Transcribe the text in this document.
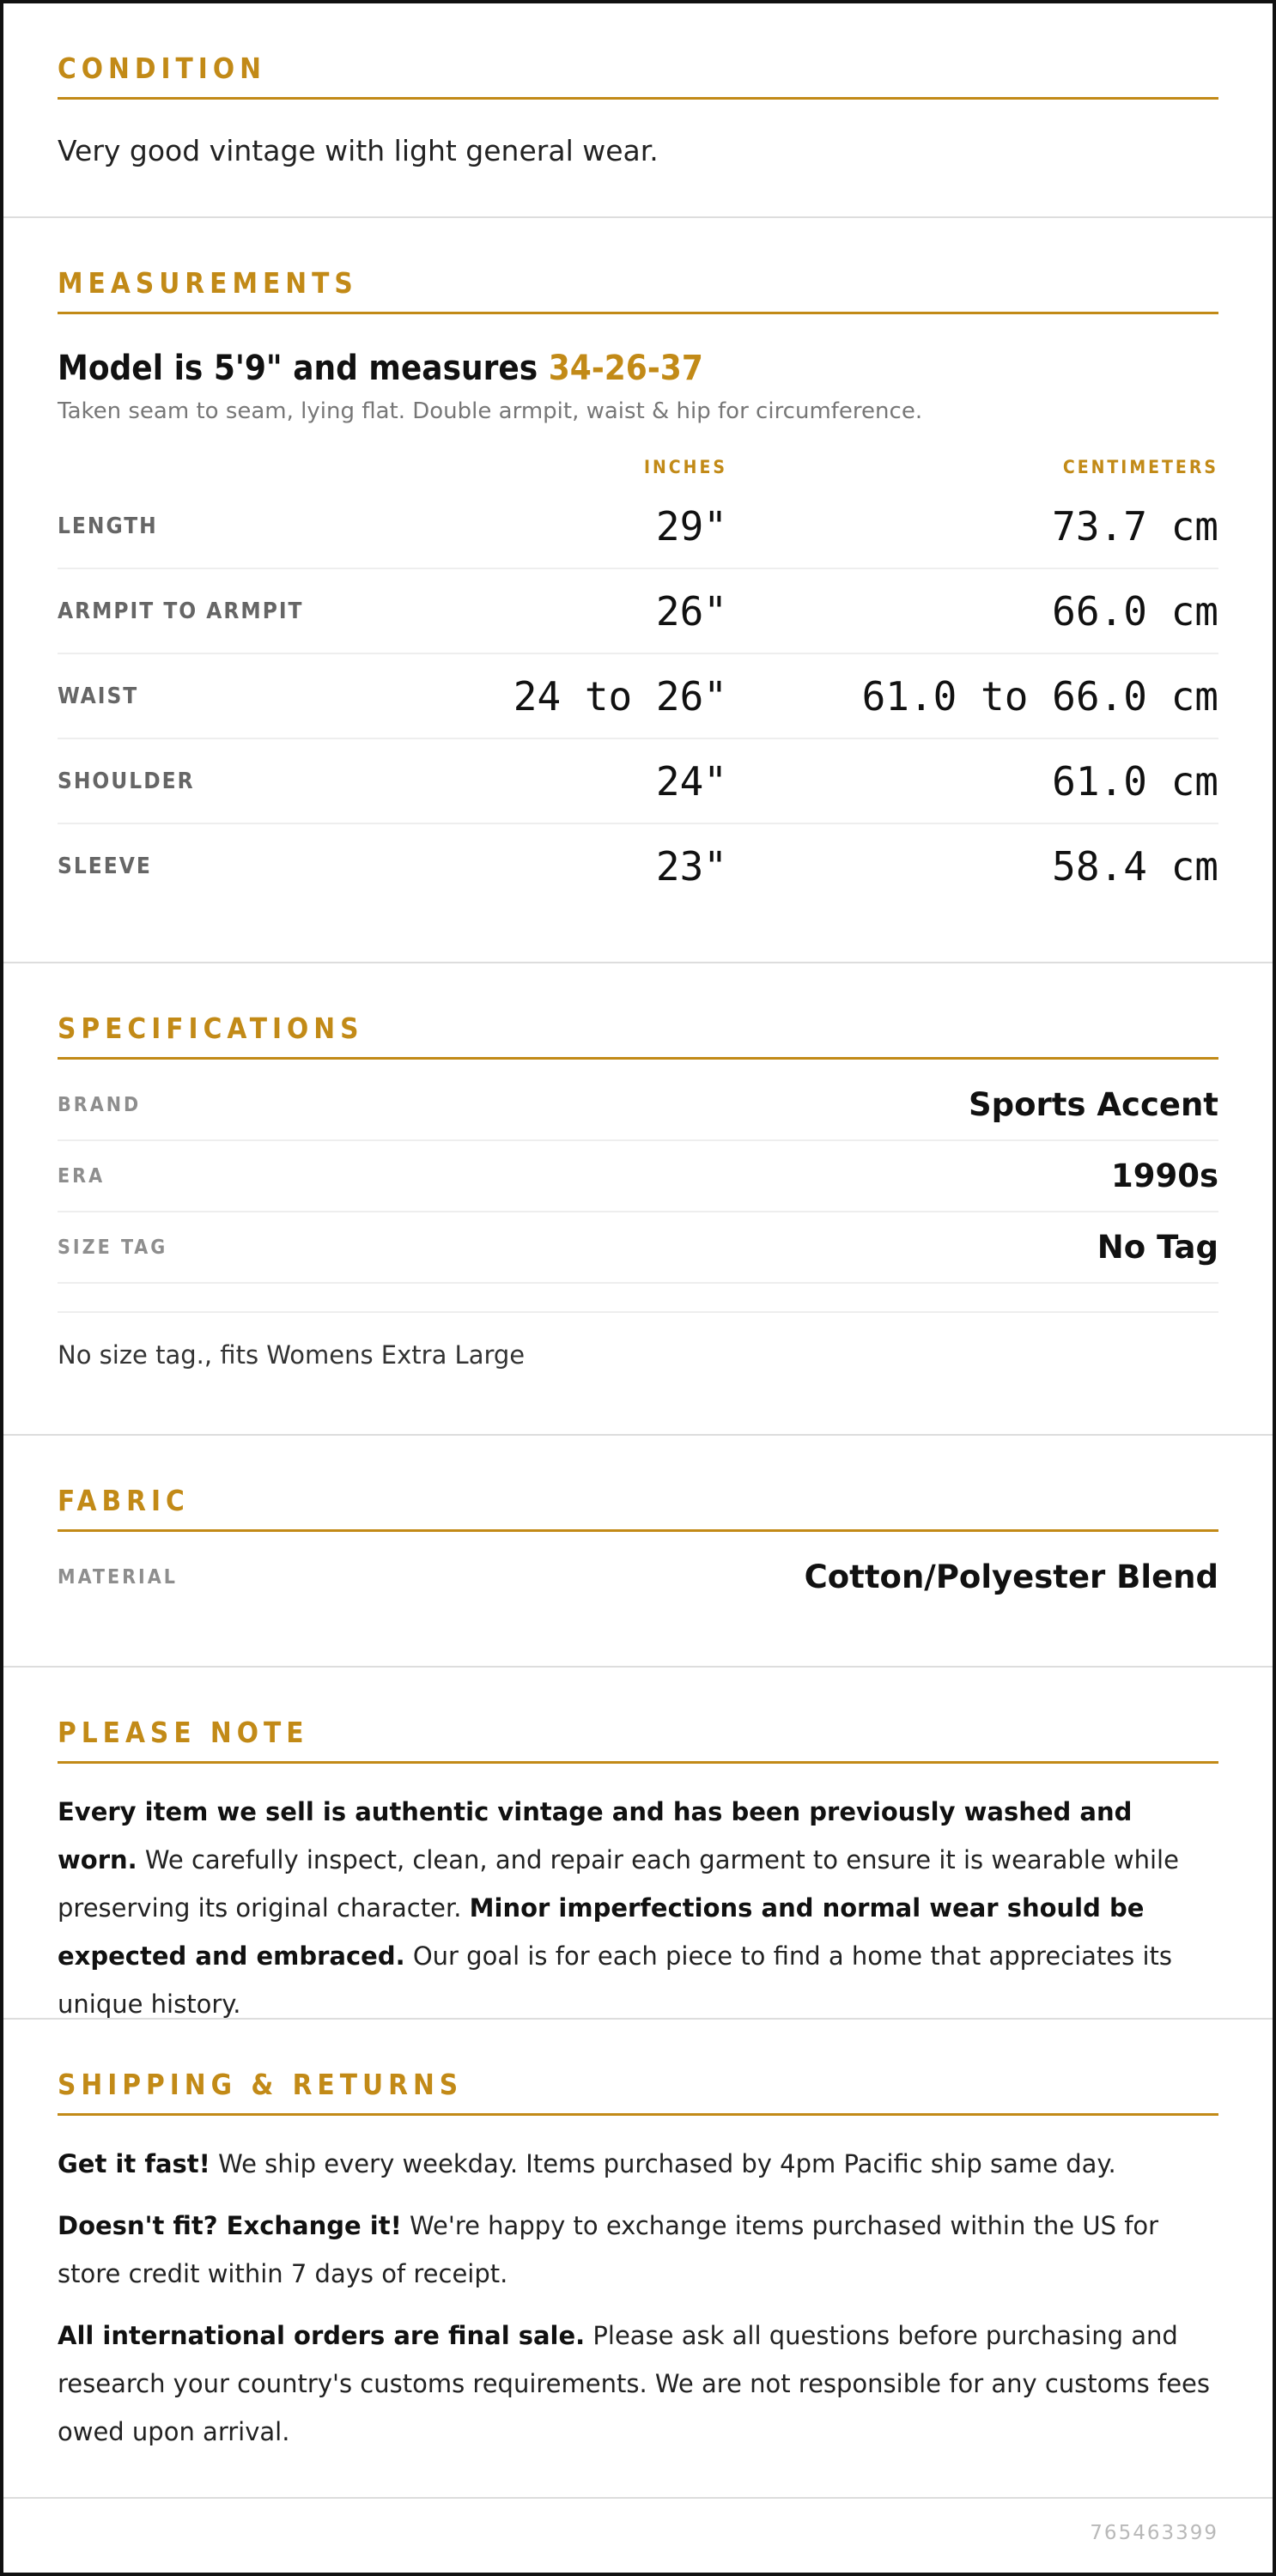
CONDITION

Very good vintage with light general wear.

MEASUREMENTS

Model is 5'9" and measures 34-26-37

Taken seam to seam, lying flat. Double armpit, waist & hip for circumference.

INCHES	CENTIMETERS
LENGTH	29"	73.7 cm
ARMPIT TO ARMPIT	26"	66.0 cm
WAIST	24 to 26"	61.0 to 66.0 cm
SHOULDER	24"	61.0 cm
SLEEVE	23"	58.4 cm
SPECIFICATIONS
BRAND	Sports Accent
ERA	1990s
SIZE TAG	No Tag

No size tag., fits Womens Extra Large

FABRIC
MATERIAL	Cotton/Polyester Blend
PLEASE NOTE

Every item we sell is authentic vintage and has been previously washed and worn. We carefully inspect, clean, and repair each garment to ensure it is wearable while preserving its original character. Minor imperfections and normal wear should be expected and embraced. Our goal is for each piece to find a home that appreciates its unique history.

SHIPPING & RETURNS

Get it fast! We ship every weekday. Items purchased by 4pm Pacific ship same day.

Doesn't fit? Exchange it! We're happy to exchange items purchased within the US for store credit within 7 days of receipt.

All international orders are final sale. Please ask all questions before purchasing and research your country's customs requirements. We are not responsible for any customs fees owed upon arrival.

765463399
